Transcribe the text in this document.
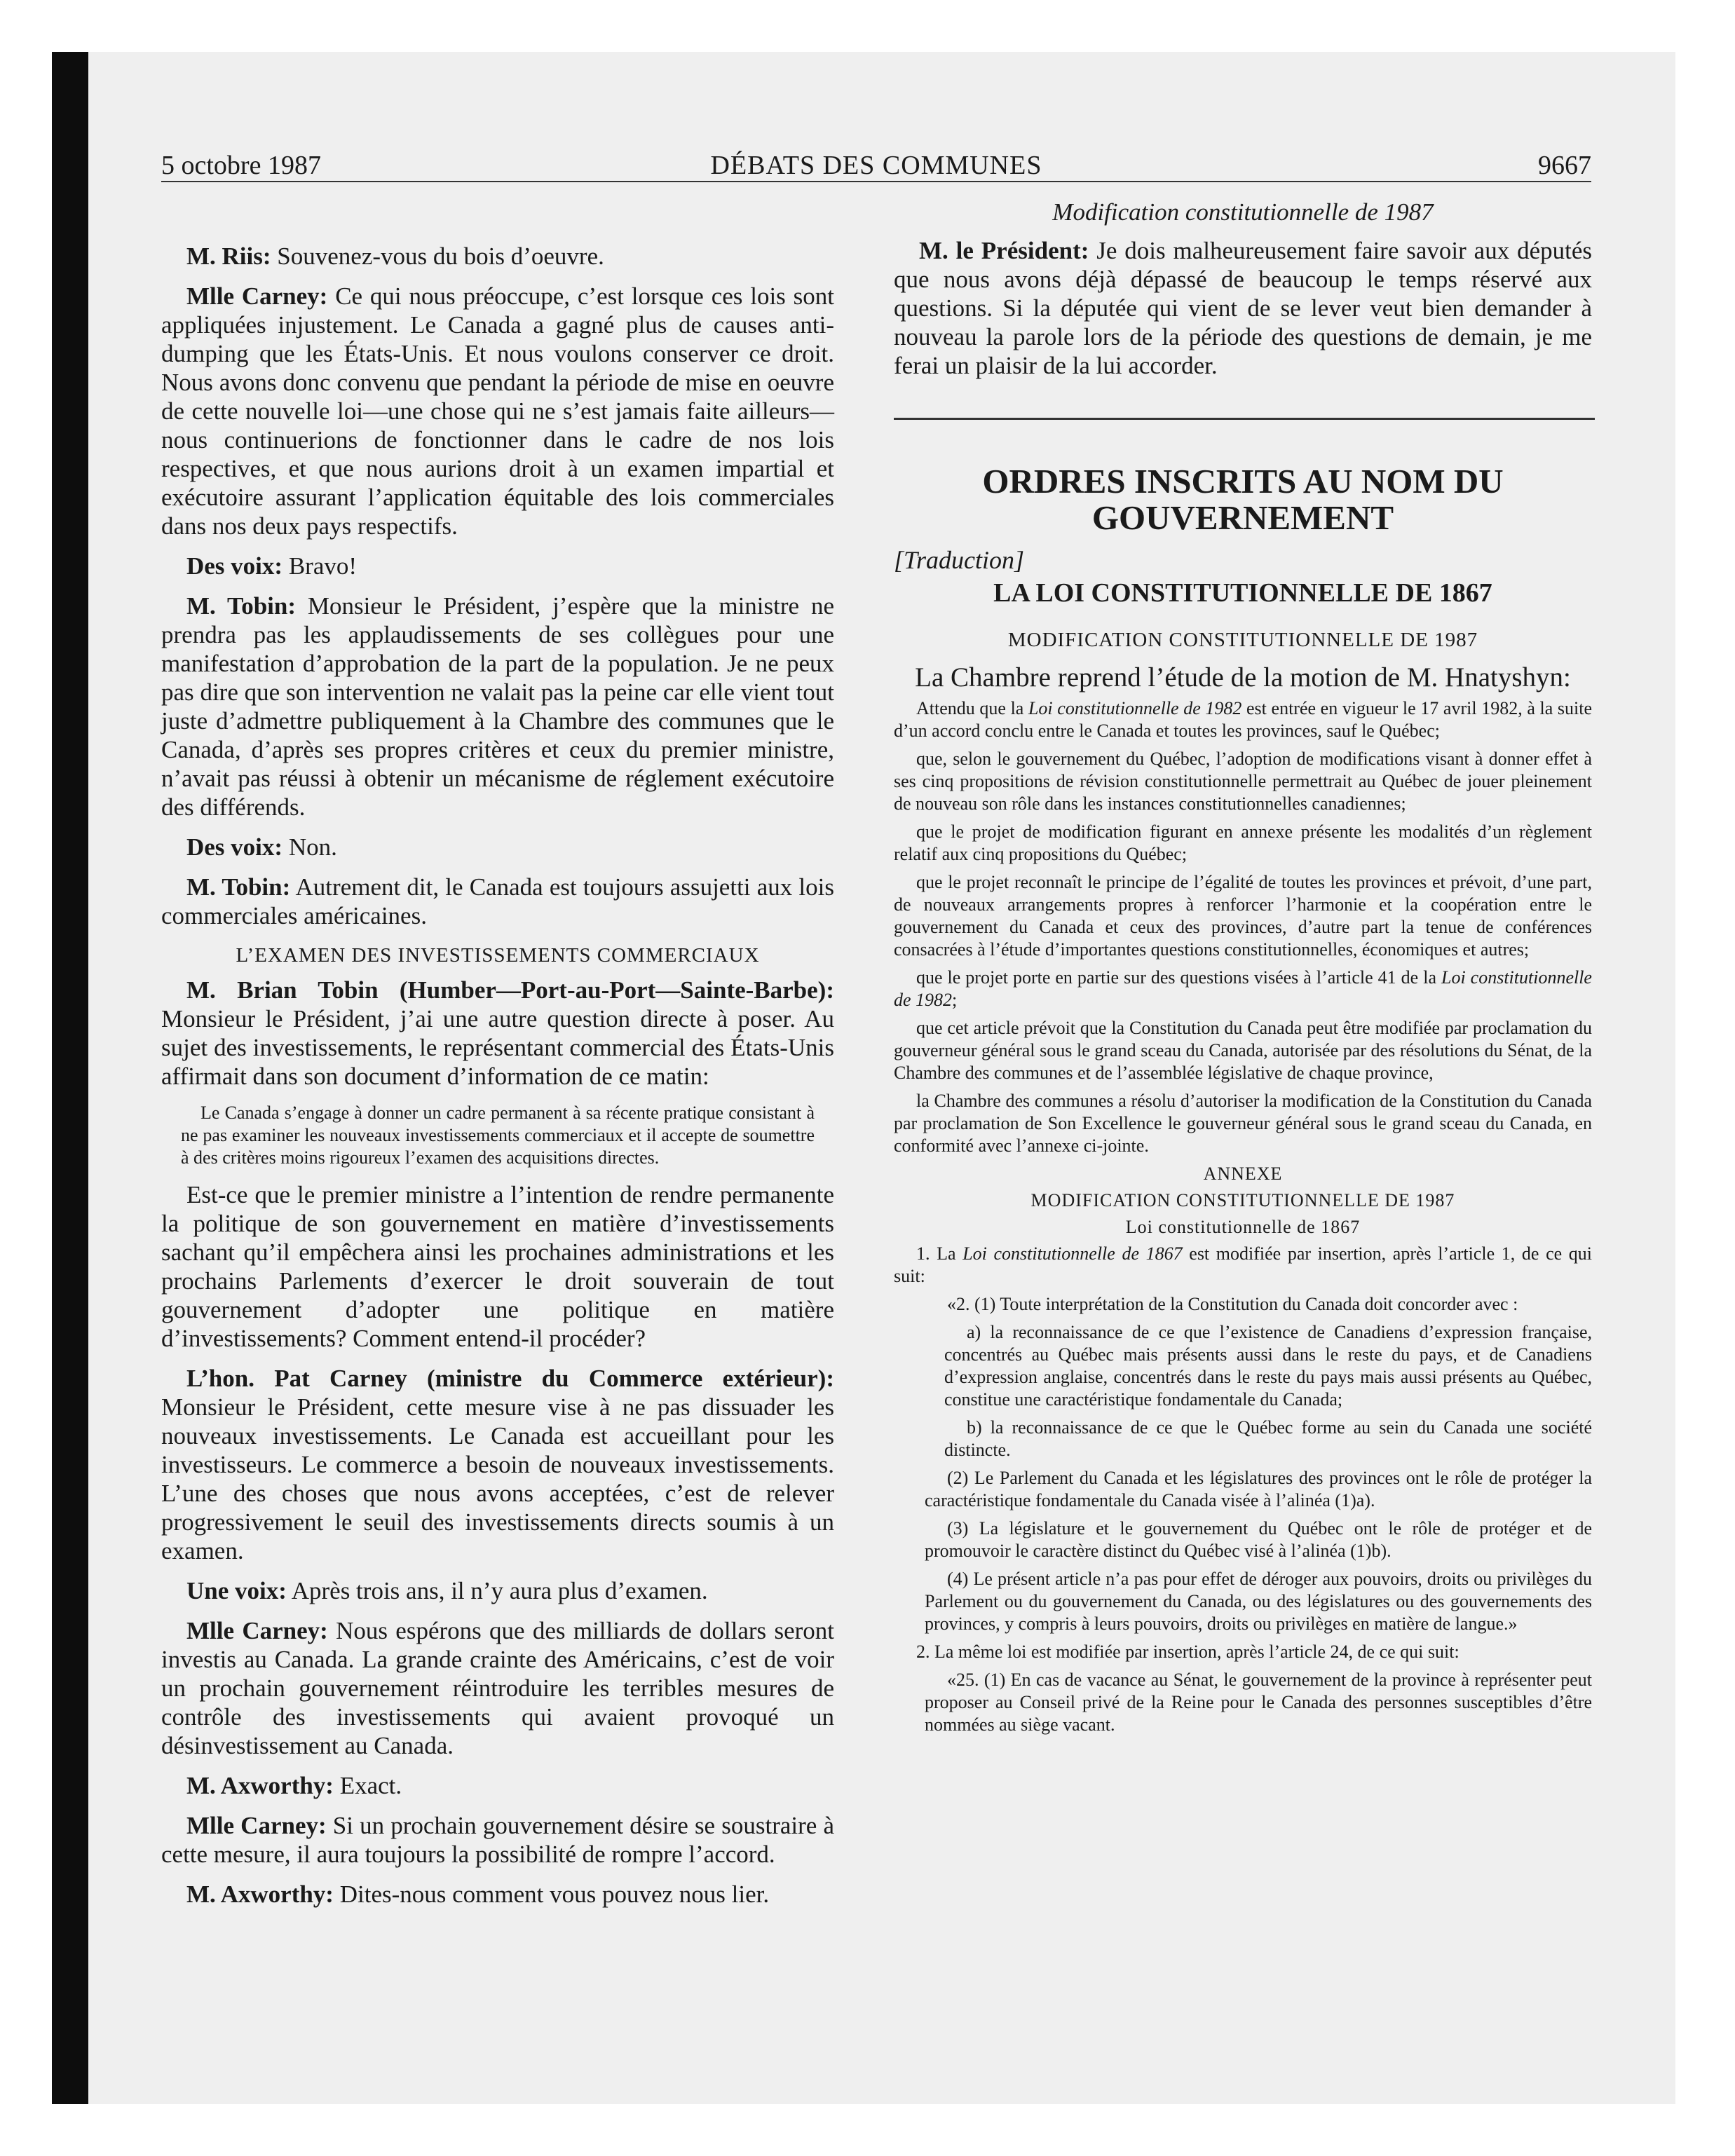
5 octobre 1987	DÉBATS DES COMMUNES	9667

M. Riis: Souvenez-vous du bois d’oeuvre.

Mlle Carney: Ce qui nous préoccupe, c’est lorsque ces lois sont appliquées injustement. Le Canada a gagné plus de causes anti-dumping que les États-Unis. Et nous voulons conserver ce droit. Nous avons donc convenu que pendant la période de mise en oeuvre de cette nouvelle loi—une chose qui ne s’est jamais faite ailleurs—nous continuerions de fonctionner dans le cadre de nos lois respectives, et que nous aurions droit à un examen impartial et exécutoire assurant l’application équitable des lois commerciales dans nos deux pays respectifs.

Des voix: Bravo!

M. Tobin: Monsieur le Président, j’espère que la ministre ne prendra pas les applaudissements de ses collègues pour une manifestation d’approbation de la part de la population. Je ne peux pas dire que son intervention ne valait pas la peine car elle vient tout juste d’admettre publiquement à la Chambre des communes que le Canada, d’après ses propres critères et ceux du premier ministre, n’avait pas réussi à obtenir un mécanisme de réglement exécutoire des différends.

Des voix: Non.

M. Tobin: Autrement dit, le Canada est toujours assujetti aux lois commerciales américaines.

L’EXAMEN DES INVESTISSEMENTS COMMERCIAUX

M. Brian Tobin (Humber—Port-au-Port—Sainte-Barbe): Monsieur le Président, j’ai une autre question directe à poser. Au sujet des investissements, le représentant commercial des États-Unis affirmait dans son document d’information de ce matin:

Le Canada s’engage à donner un cadre permanent à sa récente pratique consistant à ne pas examiner les nouveaux investissements commerciaux et il accepte de soumettre à des critères moins rigoureux l’examen des acquisitions directes.

Est-ce que le premier ministre a l’intention de rendre permanente la politique de son gouvernement en matière d’investissements sachant qu’il empêchera ainsi les prochaines administrations et les prochains Parlements d’exercer le droit souverain de tout gouvernement d’adopter une politique en matière d’investissements? Comment entend-il procéder?

L’hon. Pat Carney (ministre du Commerce extérieur): Monsieur le Président, cette mesure vise à ne pas dissuader les nouveaux investissements. Le Canada est accueillant pour les investisseurs. Le commerce a besoin de nouveaux investissements. L’une des choses que nous avons acceptées, c’est de relever progressivement le seuil des investissements directs soumis à un examen.

Une voix: Après trois ans, il n’y aura plus d’examen.

Mlle Carney: Nous espérons que des milliards de dollars seront investis au Canada. La grande crainte des Américains, c’est de voir un prochain gouvernement réintroduire les terribles mesures de contrôle des investissements qui avaient provoqué un désinvestissement au Canada.

M. Axworthy: Exact.

Mlle Carney: Si un prochain gouvernement désire se soustraire à cette mesure, il aura toujours la possibilité de rompre l’accord.

M. Axworthy: Dites-nous comment vous pouvez nous lier.

Modification constitutionnelle de 1987

M. le Président: Je dois malheureusement faire savoir aux députés que nous avons déjà dépassé de beaucoup le temps réservé aux questions. Si la députée qui vient de se lever veut bien demander à nouveau la parole lors de la période des questions de demain, je me ferai un plaisir de la lui accorder.

ORDRES INSCRITS AU NOM DU GOUVERNEMENT
[Traduction]
LA LOI CONSTITUTIONNELLE DE 1867
MODIFICATION CONSTITUTIONNELLE DE 1987
La Chambre reprend l’étude de la motion de M. Hnatyshyn:

Attendu que la Loi constitutionnelle de 1982 est entrée en vigueur le 17 avril 1982, à la suite d’un accord conclu entre le Canada et toutes les provinces, sauf le Québec;

que, selon le gouvernement du Québec, l’adoption de modifications visant à donner effet à ses cinq propositions de révision constitutionnelle permettrait au Québec de jouer pleinement de nouveau son rôle dans les instances constitutionnelles canadiennes;

que le projet de modification figurant en annexe présente les modalités d’un règlement relatif aux cinq propositions du Québec;

que le projet reconnaît le principe de l’égalité de toutes les provinces et prévoit, d’une part, de nouveaux arrangements propres à renforcer l’harmonie et la coopération entre le gouvernement du Canada et ceux des provinces, d’autre part la tenue de conférences consacrées à l’étude d’importantes questions constitutionnelles, économiques et autres;

que le projet porte en partie sur des questions visées à l’article 41 de la Loi constitutionnelle de 1982;

que cet article prévoit que la Constitution du Canada peut être modifiée par proclamation du gouverneur général sous le grand sceau du Canada, autorisée par des résolutions du Sénat, de la Chambre des communes et de l’assemblée législative de chaque province,

la Chambre des communes a résolu d’autoriser la modification de la Constitution du Canada par proclamation de Son Excellence le gouverneur général sous le grand sceau du Canada, en conformité avec l’annexe ci-jointe.

ANNEXE
MODIFICATION CONSTITUTIONNELLE DE 1987
Loi constitutionnelle de 1867

1. La Loi constitutionnelle de 1867 est modifiée par insertion, après l’article 1, de ce qui suit:

«2. (1) Toute interprétation de la Constitution du Canada doit concorder avec :

a) la reconnaissance de ce que l’existence de Canadiens d’expression française, concentrés au Québec mais présents aussi dans le reste du pays, et de Canadiens d’expression anglaise, concentrés dans le reste du pays mais aussi présents au Québec, constitue une caractéristique fondamentale du Canada;

b) la reconnaissance de ce que le Québec forme au sein du Canada une société distincte.

(2) Le Parlement du Canada et les législatures des provinces ont le rôle de protéger la caractéristique fondamentale du Canada visée à l’alinéa (1)a).

(3) La législature et le gouvernement du Québec ont le rôle de protéger et de promouvoir le caractère distinct du Québec visé à l’alinéa (1)b).

(4) Le présent article n’a pas pour effet de déroger aux pouvoirs, droits ou privilèges du Parlement ou du gouvernement du Canada, ou des législatures ou des gouvernements des provinces, y compris à leurs pouvoirs, droits ou privilèges en matière de langue.»

2. La même loi est modifiée par insertion, après l’article 24, de ce qui suit:

«25. (1) En cas de vacance au Sénat, le gouvernement de la province à représenter peut proposer au Conseil privé de la Reine pour le Canada des personnes susceptibles d’être nommées au siège vacant.
